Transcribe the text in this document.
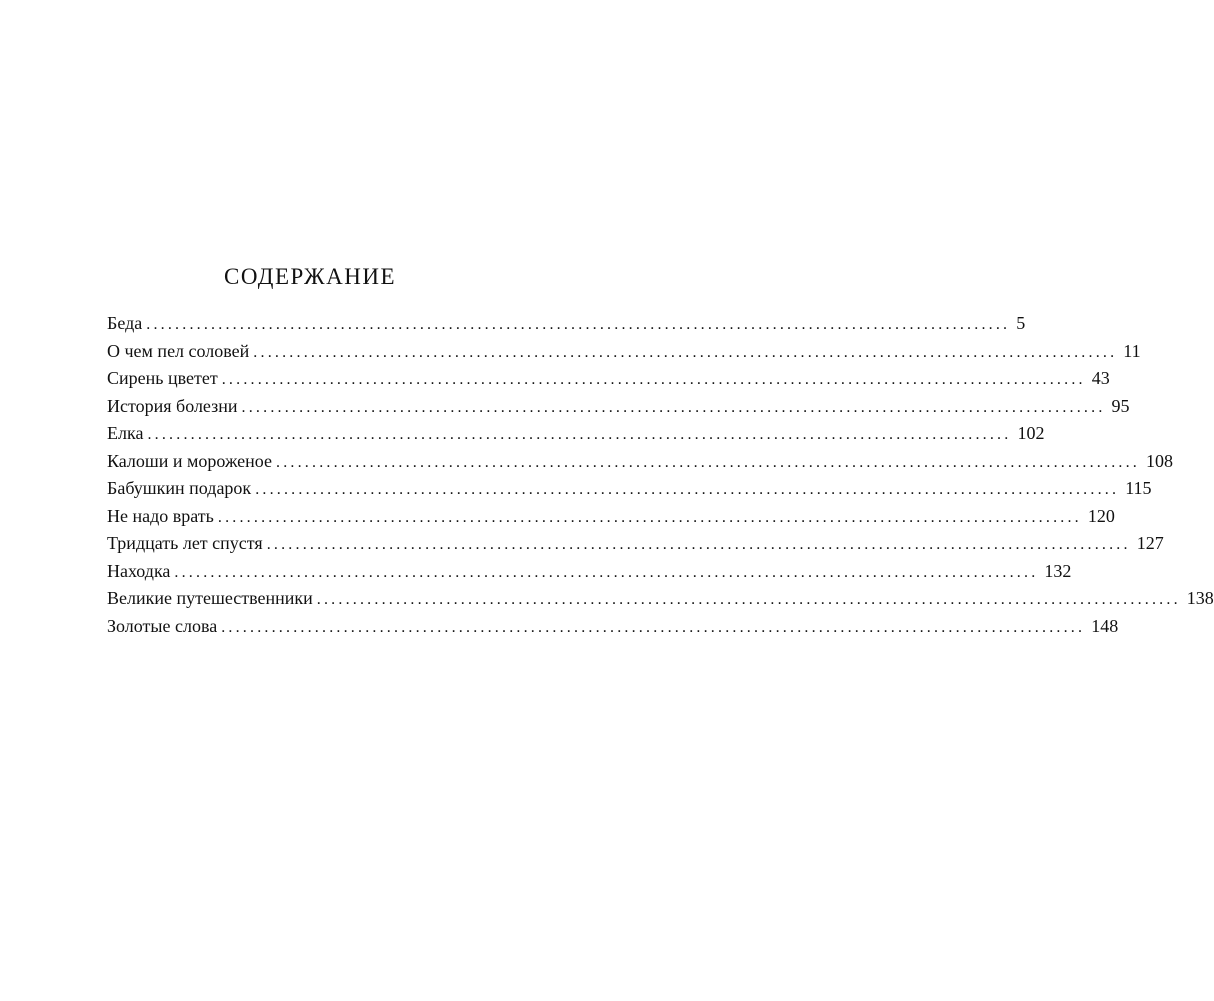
СОДЕРЖАНИЕ
Беда ........................................................................................................................ 5
О чем пел соловей ........................................................................................................................ 11
Сирень цветет ........................................................................................................................ 43
История болезни ........................................................................................................................ 95
Елка ........................................................................................................................ 102
Калоши и мороженое ........................................................................................................................ 108
Бабушкин подарок ........................................................................................................................ 115
Не надо врать ........................................................................................................................ 120
Тридцать лет спустя ........................................................................................................................ 127
Находка ........................................................................................................................ 132
Великие путешественники ........................................................................................................................ 138
Золотые слова ........................................................................................................................ 148
